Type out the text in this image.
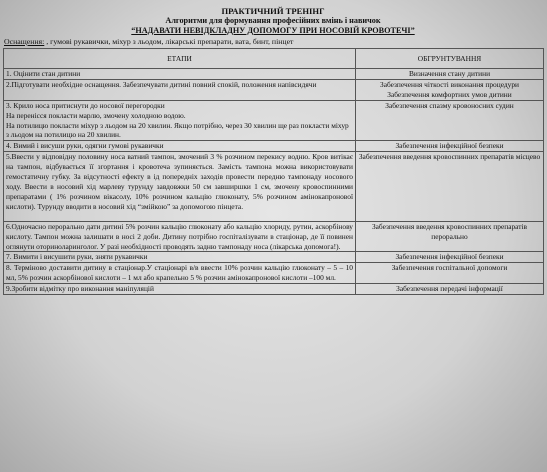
ПРАКТИЧНИЙ ТРЕНІНГ
Алгоритми для формування професійних вмінь і навичок
“НАДАВАТИ НЕВІДКЛАДНУ ДОПОМОГУ ПРИ НОСОВІЙ КРОВОТЕЧІ”
Оснащення: , гумові рукавички, міхур з льодом, лікарські препарати, вата, бинт, пінцет
ЕТАПИ	ОБГРУНТУВАННЯ

1. Оцінити стан дитини	Визначення стану дитини

2.Підготувати необхідне оснащення. Забезпечувати дитині повний спокій, положення напівсидячи	Забезпечення чіткості виконання процедури
Забезпечення комфортних умов дитини

3. Крило носа притиснути до носової перегородки
На перенісся покласти марлю, змочену холодною водою.
На потилицю покласти міхур з льодом на 20 хвилин. Якщо потрібно, через 30 хвилин ще раз покласти міхур з льодом на потилицю на 20 хвилин.	Забезпечення спазму кровоносних судин

4. Вимий і висуши руки, одягни гумові рукавички	Забезпечення інфекційної безпеки

5.Ввести у відповідну половину носа ватний тампон, змочений 3 % розчином перекису водню. Кров витікає на тампон, відбувається її згортання і кровотеча зупиняється. Замість тампона можна використовувати гемостатичну губку. За відсутності ефекту в ід попередніх заходів провести передню тампонаду носового ходу. Ввести в носовий хід марлеву турунду завдовжки 50 см завширшки 1 см, змочену кровоспинними препаратами ( 1% розчином вікасолу, 10% розчином кальцію глюконату, 5% розчином амінокапронової кислоти). Турунду вводити в носовий хід “змійкою” за допомогою пінцета.	Забезпечення введення кровоспинних препаратів місцево

6.Одночасно перорально дати дитині 5% розчин кальцію глюконату або кальцію хлориду, рутин, аскорбінову кислоту. Тампон можна залишати в носі 2 доби. Дитину потрібно госпіталізувати в стаціонар, де її повинен оглянути оториноларинголог. У разі необхідності проводять задню тампонаду носа (лікарська допомога!).	Забезпечення введення кровоспинних препаратів перорально

7. Вимити і висушити руки, зняти рукавички	Забезпечення інфекційної безпеки

8. Терміново доставити дитину в стаціонар.У стаціонарі в/в ввести 10% розчин кальцію глюконату – 5 – 10 мл, 5% розчин аскорбінової кислоти – 1 мл або крапельно 5 % розчин амінокапронової кислоти –100 мл.	Забезпечення госпітальної допомоги

9.Зробити відмітку про виконання маніпуляцій	Забезпечення передачі інформації
